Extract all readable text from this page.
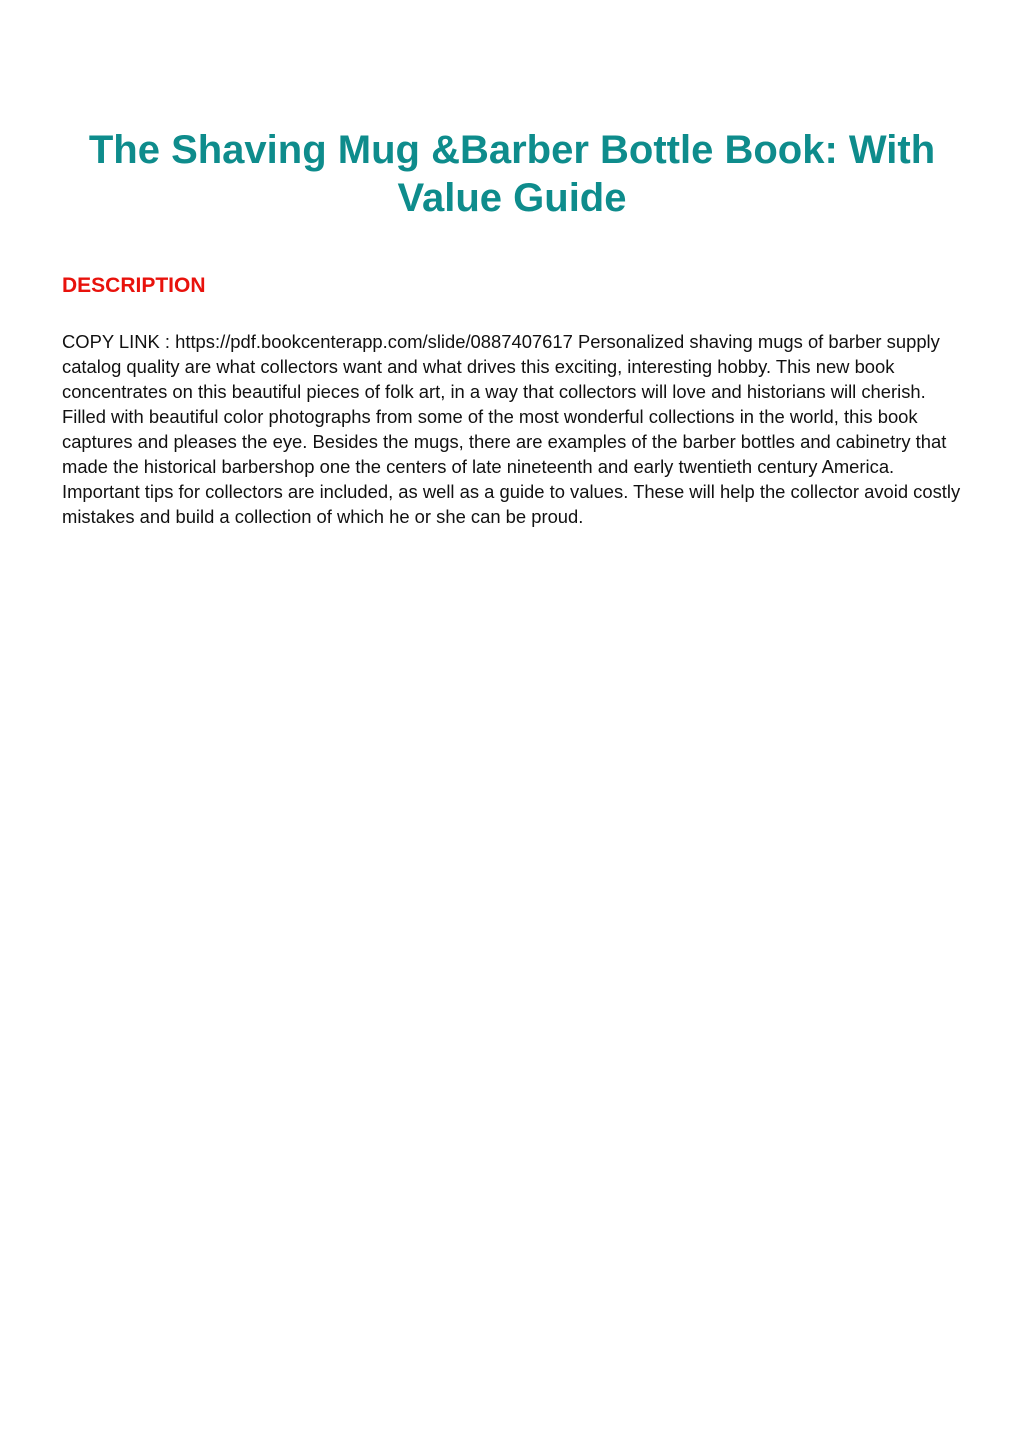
The Shaving Mug &Barber Bottle Book: With Value Guide
DESCRIPTION

COPY LINK : https://pdf.bookcenterapp.com/slide/0887407617 Personalized shaving mugs of barber supply catalog quality are what collectors want and what drives this exciting, interesting hobby. This new book concentrates on this beautiful pieces of folk art, in a way that collectors will love and historians will cherish. Filled with beautiful color photographs from some of the most wonderful collections in the world, this book captures and pleases the eye. Besides the mugs, there are examples of the barber bottles and cabinetry that made the historical barbershop one the centers of late nineteenth and early twentieth century America. Important tips for collectors are included, as well as a guide to values. These will help the collector avoid costly mistakes and build a collection of which he or she can be proud.
